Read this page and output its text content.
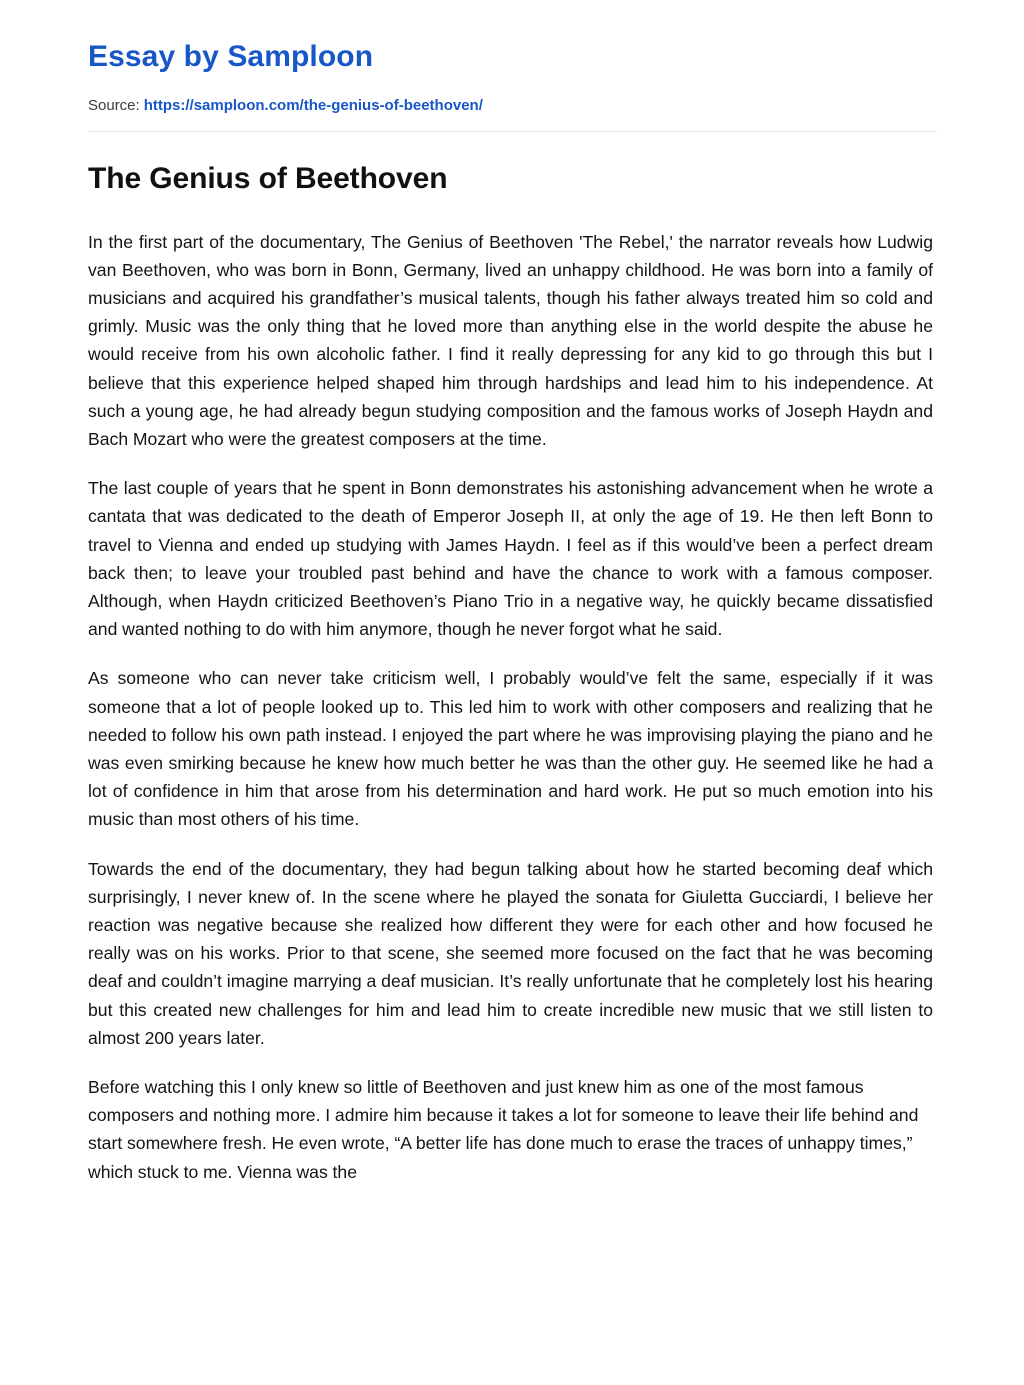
Essay by Samploon
Source: https://samploon.com/the-genius-of-beethoven/
The Genius of Beethoven

In the first part of the documentary, The Genius of Beethoven 'The Rebel,' the narrator reveals how Ludwig van Beethoven, who was born in Bonn, Germany, lived an unhappy childhood. He was born into a family of musicians and acquired his grandfather’s musical talents, though his father always treated him so cold and grimly. Music was the only thing that he loved more than anything else in the world despite the abuse he would receive from his own alcoholic father. I find it really depressing for any kid to go through this but I believe that this experience helped shaped him through hardships and lead him to his independence. At such a young age, he had already begun studying composition and the famous works of Joseph Haydn and Bach Mozart who were the greatest composers at the time.

The last couple of years that he spent in Bonn demonstrates his astonishing advancement when he wrote a cantata that was dedicated to the death of Emperor Joseph II, at only the age of 19. He then left Bonn to travel to Vienna and ended up studying with James Haydn. I feel as if this would’ve been a perfect dream back then; to leave your troubled past behind and have the chance to work with a famous composer. Although, when Haydn criticized Beethoven’s Piano Trio in a negative way, he quickly became dissatisfied and wanted nothing to do with him anymore, though he never forgot what he said.

As someone who can never take criticism well, I probably would’ve felt the same, especially if it was someone that a lot of people looked up to. This led him to work with other composers and realizing that he needed to follow his own path instead. I enjoyed the part where he was improvising playing the piano and he was even smirking because he knew how much better he was than the other guy. He seemed like he had a lot of confidence in him that arose from his determination and hard work. He put so much emotion into his music than most others of his time.

Towards the end of the documentary, they had begun talking about how he started becoming deaf which surprisingly, I never knew of. In the scene where he played the sonata for Giuletta Gucciardi, I believe her reaction was negative because she realized how different they were for each other and how focused he really was on his works. Prior to that scene, she seemed more focused on the fact that he was becoming deaf and couldn’t imagine marrying a deaf musician. It’s really unfortunate that he completely lost his hearing but this created new challenges for him and lead him to create incredible new music that we still listen to almost 200 years later.

Before watching this I only knew so little of Beethoven and just knew him as one of the most famous composers and nothing more. I admire him because it takes a lot for someone to leave their life behind and start somewhere fresh. He even wrote, “A better life has done much to erase the traces of unhappy times,” which stuck to me. Vienna was the
